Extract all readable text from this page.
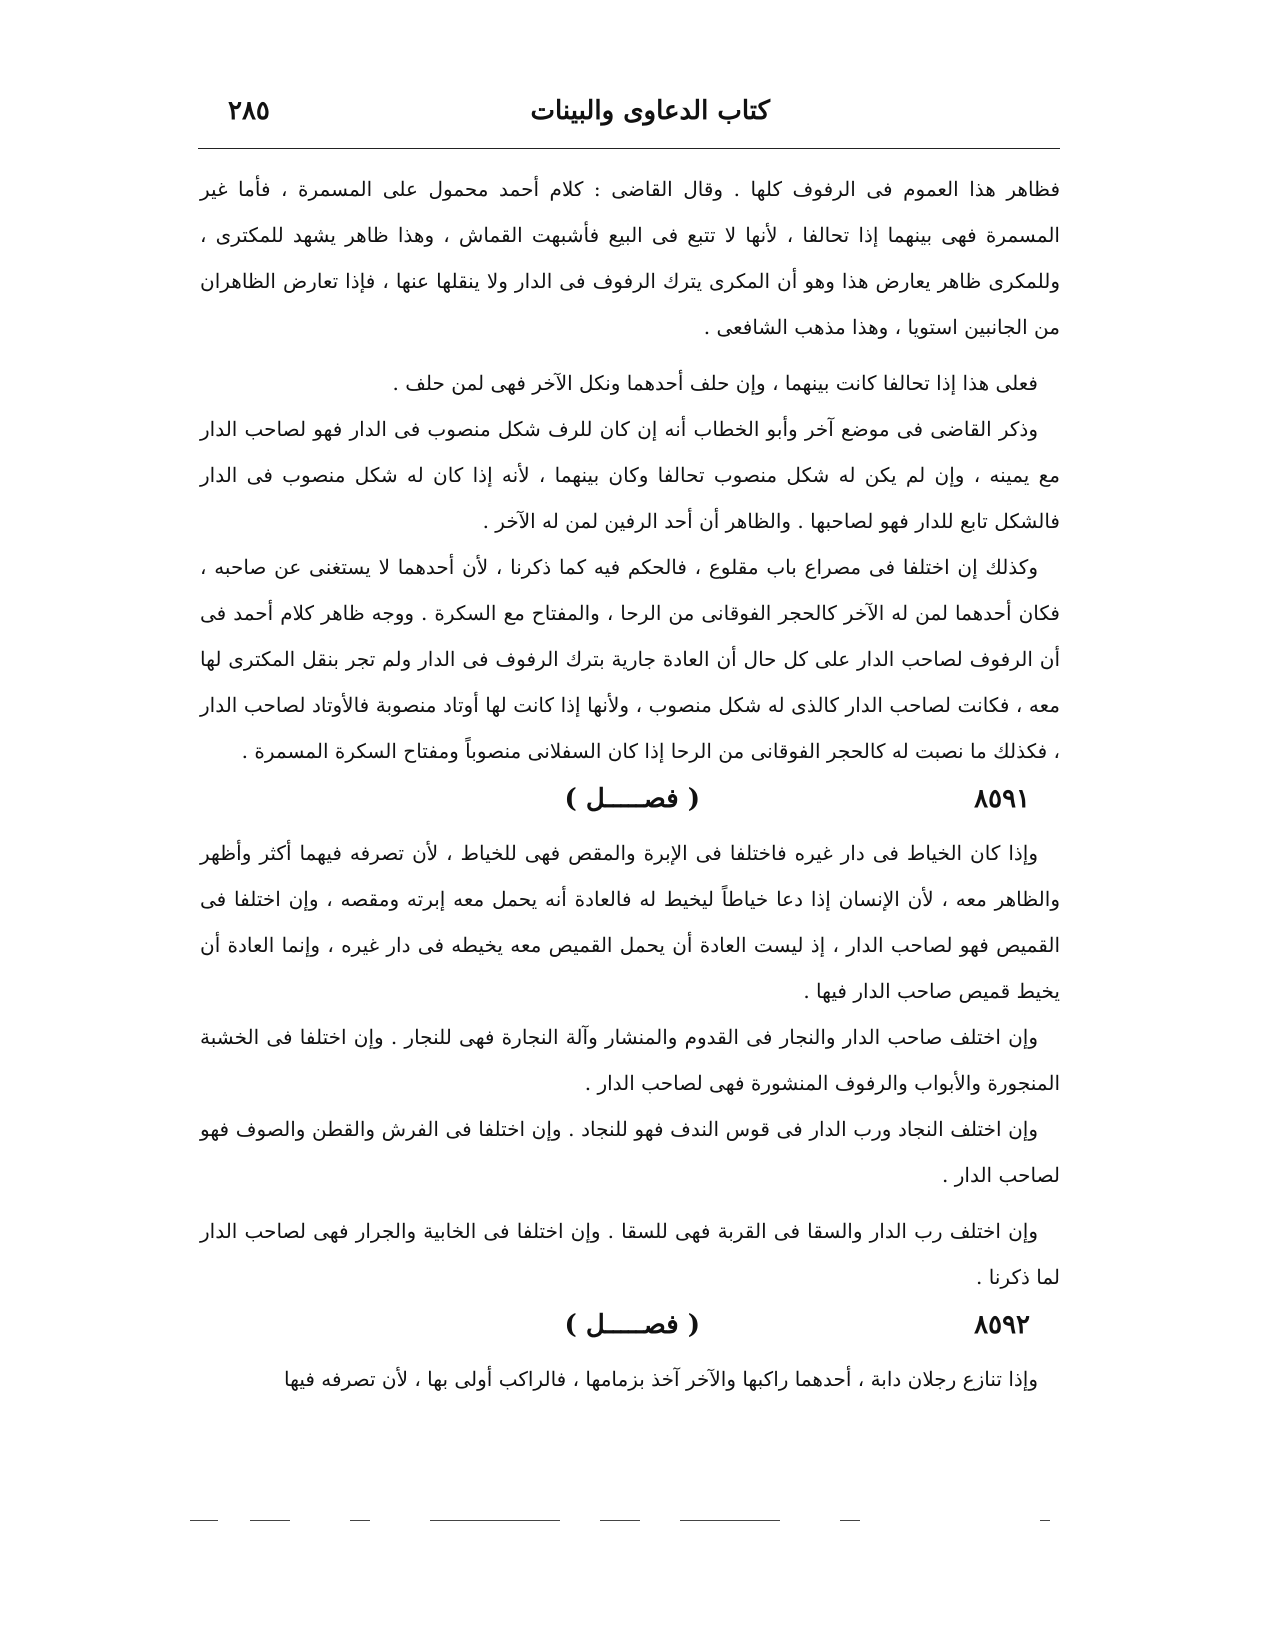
كتاب الدعاوى والبينات
٢٨٥

فظاهر هذا العموم فى الرفوف كلها . وقال القاضى : كلام أحمد محمول على المسمرة ، فأما غير المسمرة فهى بينهما إذا تحالفا ، لأنها لا تتبع فى البيع فأشبهت القماش ، وهذا ظاهر يشهد للمكترى ، وللمكرى ظاهر يعارض هذا وهو أن المكرى يترك الرفوف فى الدار ولا ينقلها عنها ، فإذا تعارض الظاهران من الجانبين استويا ، وهذا مذهب الشافعى .

فعلى هذا إذا تحالفا كانت بينهما ، وإن حلف أحدهما ونكل الآخر فهى لمن حلف .

وذكر القاضى فى موضع آخر وأبو الخطاب أنه إن كان للرف شكل منصوب فى الدار فهو لصاحب الدار مع يمينه ، وإن لم يكن له شكل منصوب تحالفا وكان بينهما ، لأنه إذا كان له شكل منصوب فى الدار فالشكل تابع للدار فهو لصاحبها . والظاهر أن أحد الرفين لمن له الآخر .

وكذلك إن اختلفا فى مصراع باب مقلوع ، فالحكم فيه كما ذكرنا ، لأن أحدهما لا يستغنى عن صاحبه ، فكان أحدهما لمن له الآخر كالحجر الفوقانى من الرحا ، والمفتاح مع السكرة . ووجه ظاهر كلام أحمد فى أن الرفوف لصاحب الدار على كل حال أن العادة جارية بترك الرفوف فى الدار ولم تجر بنقل المكترى لها معه ، فكانت لصاحب الدار كالذى له شكل منصوب ، ولأنها إذا كانت لها أوتاد منصوبة فالأوتاد لصاحب الدار ، فكذلك ما نصبت له كالحجر الفوقانى من الرحا إذا كان السفلانى منصوباً ومفتاح السكرة المسمرة .

٨٥٩١
( فصـــــل )

وإذا كان الخياط فى دار غيره فاختلفا فى الإبرة والمقص فهى للخياط ، لأن تصرفه فيهما أكثر وأظهر والظاهر معه ، لأن الإنسان إذا دعا خياطاً ليخيط له فالعادة أنه يحمل معه إبرته ومقصه ، وإن اختلفا فى القميص فهو لصاحب الدار ، إذ ليست العادة أن يحمل القميص معه يخيطه فى دار غيره ، وإنما العادة أن يخيط قميص صاحب الدار فيها .

وإن اختلف صاحب الدار والنجار فى القدوم والمنشار وآلة النجارة فهى للنجار . وإن اختلفا فى الخشبة المنجورة والأبواب والرفوف المنشورة فهى لصاحب الدار .

وإن اختلف النجاد ورب الدار فى قوس الندف فهو للنجاد . وإن اختلفا فى الفرش والقطن والصوف فهو لصاحب الدار .

وإن اختلف رب الدار والسقا فى القربة فهى للسقا . وإن اختلفا فى الخابية والجرار فهى لصاحب الدار لما ذكرنا .

٨٥٩٢
( فصـــــل )

وإذا تنازع رجلان دابة ، أحدهما راكبها والآخر آخذ بزمامها ، فالراكب أولى بها ، لأن تصرفه فيها
